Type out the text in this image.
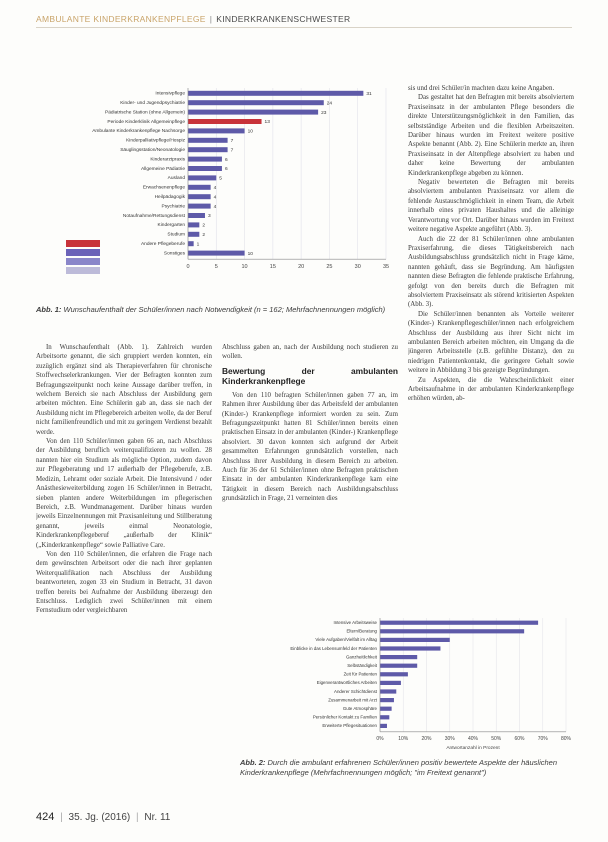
AMBULANTE KINDERKRANKENPFLEGE | KINDERKRANKENSCHWESTER
0	5	10	15	20	25	30	35
Intensivpflege	31
Kinder- und Jugendpsychiatrie	24
Pädiatrische Station (ohne Allgemein)	23
Periode Kinderklinik Allgemeinpflege	13
Ambulante Kinderkrankenpflege Nachsorge	10
Kinderpalliativpflege/Hospiz	7
Säuglingsstation/Neonatologie	7
Kinderarztpraxis	6
Allgemeine Pädiatrie	6
Ausland	5
Erwachsenenpflege	4
Heilpädagogik	4
Psychiatrie	4
Notaufnahme/Rettungsdienst	3
Kindergarten	2
Studium	2
Andere Pflegeberufe 1
Sonstiges	10
Abb. 1: Wunschaufenthalt der Schüler/innen nach Notwendigkeit (n = 162; Mehrfachnennungen möglich)

In Wunschaufenthalt (Abb. 1). Zahlreich wurden Arbeitsorte genannt, die sich gruppiert werden konnten, ein zuzüglich ergänzt sind als Therapieverfahren für chronische Stoffwechselerkrankungen. Vier der Befragten konnten zum Befragungszeitpunkt noch keine Aussage darüber treffen, in welchem Bereich sie nach Abschluss der Ausbildung gern arbeiten möchten. Eine Schülerin gab an, dass sie nach der Ausbildung nicht im Pflegebereich arbeiten wolle, da der Beruf nicht familienfreundlich und mit zu geringem Verdienst bezahlt werde.

Von den 110 Schüler/innen gaben 66 an, nach Abschluss der Ausbildung beruflich weiterqualifizieren zu wollen. 28 nannten hier ein Studium als mögliche Option, zudem davon zur Pflegeberatung und 17 außerhalb der Pflegeberufe, z.B. Medizin, Lehramt oder soziale Arbeit. Die Intensivund / oder Anästhesieweiterbildung zogen 16 Schüler/innen in Betracht, sieben planten andere Weiterbildungen im pflegerischen Bereich, z.B. Wundmanagement. Darüber hinaus wurden jeweils Einzelnennungen mit Praxisanleitung und Stillberatung genannt, jeweils einmal Neonatologie, Kinderkrankenpflegeberuf „außerhalb der Klinik“ („Kinderkrankenpflege“ sowie Palliative Care.

Von den 110 Schüler/innen, die erfahren die Frage nach dem gewünschten Arbeitsort oder die nach ihrer geplanten Weiterqualifikation nach Abschluss der Ausbildung beantworteten, zogen 33 ein Studium in Betracht, 31 davon treffen bereits bei Aufnahme der Ausbildung überzeugt den Entschluss. Lediglich zwei Schüler/innen mit einem Fernstudium oder vergleichbaren

Abschluss gaben an, nach der Ausbildung noch studieren zu wollen.

Bewertung der ambulanten Kinderkrankenpflege

Von den 110 befragten Schüler/innen gaben 77 an, im Rahmen ihrer Ausbildung über das Arbeitsfeld der ambulanten (Kinder-) Krankenpflege informiert worden zu sein. Zum Befragungszeitpunkt hatten 81 Schüler/innen bereits einen praktischen Einsatz in der ambulanten (Kinder-) Krankenpflege absolviert. 30 davon konnten sich aufgrund der Arbeit gesammelten Erfahrungen grundsätzlich vorstellen, nach Abschluss ihrer Ausbildung in diesem Bereich zu arbeiten. Auch für 36 der 61 Schüler/innen ohne Befragten praktischen Einsatz in der ambulanten Kinderkrankenpflege kam eine Tätigkeit in diesem Bereich nach Ausbildungsabschluss grundsätzlich in Frage, 21 verneinten dies

sis und drei Schüler/in machten dazu keine Angaben.

Das gestaltet hat den Befragten mit bereits absolviertem Praxiseinsatz in der ambulanten Pflege besonders die direkte Unterstützungsmöglichkeit in den Familien, das selbstständige Arbeiten und die flexiblen Arbeitszeiten. Darüber hinaus wurden im Freitext weitere positive Aspekte benannt (Abb. 2). Eine Schülerin merkte an, ihren Praxiseinsatz in der Altenpflege absolviert zu haben und daher keine Bewertung der ambulanten Kinderkrankenpflege abgeben zu können.

Negativ bewerteten die Befragten mit bereits absolviertem ambulanten Praxiseinsatz vor allem die fehlende Austauschmöglichkeit in einem Team, die Arbeit innerhalb eines privaten Haushaltes und die alleinige Verantwortung vor Ort. Darüber hinaus wurden im Freitext weitere negative Aspekte angeführt (Abb. 3).

Auch die 22 der 81 Schüler/innen ohne ambulanten Praxiserfahrung, die dieses Tätigkeitsbereich nach Ausbildungsabschluss grundsätzlich nicht in Frage käme, nannten gehäuft, dass sie Begründung. Am häufigsten nannten diese Befragten die fehlende praktische Erfahrung, gefolgt von den bereits durch die Befragten mit absolviertem Praxiseinsatz als störend kritisierten Aspekten (Abb. 3).

Die Schüler/innen benannten als Vorteile weiterer (Kinder-) Krankenpflegeschüler/innen nach erfolgreichem Abschluss der Ausbildung aus ihrer Sicht nicht im ambulanten Bereich arbeiten möchten, ein Umgang da die jüngeren Arbeitsstelle (z.B. gefühlte Distanz), den zu niedrigen Patientenkontakt, die geringere Gehalt sowie weitere in Abbildung 3 bis gezeigte Begründungen.

Zu Aspekten, die die Wahrscheinlichkeit einer Arbeitsaufnahme in der ambulanten Kinderkrankenpflege erhöhen würden, ab-

0%	10%	20%	30%	40%	50%	60%	70%	80%
Intensive Arbeitsweise
Eltern/Beratung
Viele Aufgaben/Vielfalt im Alltag
Einblicke in das Lebensumfeld der Patienten
Ganzheitlichkeit
Selbständigkeit
Zeit für Patienten
Eigenverantwortliches Arbeiten
Anderer Schichtdienst
Zusammenarbeit mit Arzt
Gute Atmosphäre
Persönlicher Kontakt zu Familien
Erweiterte Pflegesituationen
Antwortanzahl in Prozent
Abb. 2: Durch die ambulant erfahrenen Schüler/innen positiv bewertete Aspekte der häuslichen Kinderkrankenpflege (Mehrfachnennungen möglich; "im Freitext genannt")
424 | 35. Jg. (2016) | Nr. 11
